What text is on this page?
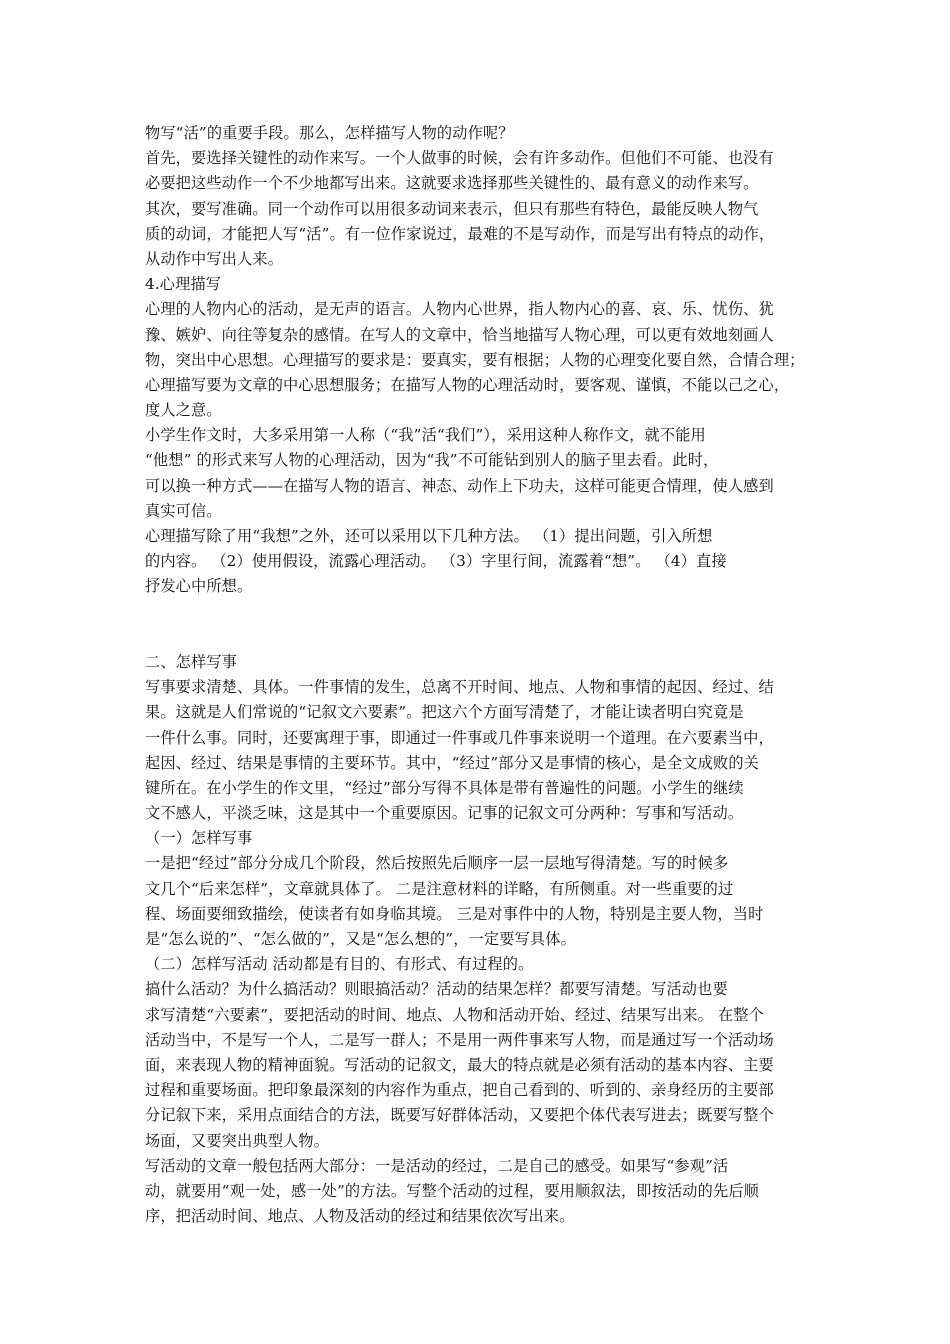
物写“活”的重要手段。那么，怎样描写人物的动作呢？
首先，要选择关键性的动作来写。一个人做事的时候，会有许多动作。但他们不可能、也没有
必要把这些动作一个不少地都写出来。这就要求选择那些关键性的、最有意义的动作来写。
其次，要写准确。同一个动作可以用很多动词来表示，但只有那些有特色，最能反映人物气
质的动词，才能把人写“活”。有一位作家说过，最难的不是写动作，而是写出有特点的动作，
从动作中写出人来。
4.心理描写
心理的人物内心的活动，是无声的语言。人物内心世界，指人物内心的喜、哀、乐、忧伤、犹
豫、嫉妒、向往等复杂的感情。在写人的文章中，恰当地描写人物心理，可以更有效地刻画人
物，突出中心思想。心理描写的要求是：要真实，要有根据；人物的心理变化要自然，合情合理；
心理描写要为文章的中心思想服务；在描写人物的心理活动时，要客观、谨慎，不能以己之心，
度人之意。
小学生作文时，大多采用第一人称（“我”活“我们”），采用这种人称作文，就不能用
“他想” 的形式来写人物的心理活动，因为“我”不可能钻到别人的脑子里去看。此时，
可以换一种方式——在描写人物的语言、神态、动作上下功夫，这样可能更合情理，使人感到
真实可信。
心理描写除了用“我想”之外，还可以采用以下几种方法。 （1）提出问题，引入所想
的内容。 （2）使用假设，流露心理活动。 （3）字里行间，流露着“想”。 （4）直接
抒发心中所想。
二、怎样写事
写事要求清楚、具体。一件事情的发生，总离不开时间、地点、人物和事情的起因、经过、结
果。这就是人们常说的“记叙文六要素”。把这六个方面写清楚了，才能让读者明白究竟是
一件什么事。同时，还要寓理于事，即通过一件事或几件事来说明一个道理。在六要素当中，
起因、经过、结果是事情的主要环节。其中，“经过”部分又是事情的核心，是全文成败的关
键所在。在小学生的作文里，“经过”部分写得不具体是带有普遍性的问题。小学生的继续
文不感人，平淡乏味，这是其中一个重要原因。记事的记叙文可分两种：写事和写活动。
（一）怎样写事
一是把“经过”部分分成几个阶段，然后按照先后顺序一层一层地写得清楚。写的时候多
文几个“后来怎样”，文章就具体了。 二是注意材料的详略，有所侧重。对一些重要的过
程、场面要细致描绘，使读者有如身临其境。 三是对事件中的人物，特别是主要人物，当时
是“怎么说的”、“怎么做的”，又是“怎么想的”，一定要写具体。
（二）怎样写活动 活动都是有目的、有形式、有过程的。
搞什么活动？为什么搞活动？则眼搞活动？活动的结果怎样？都要写清楚。写活动也要
求写清楚“六要素”，要把活动的时间、地点、人物和活动开始、经过、结果写出来。 在整个
活动当中，不是写一个人，二是写一群人；不是用一两件事来写人物，而是通过写一个活动场
面，来表现人物的精神面貌。写活动的记叙文，最大的特点就是必须有活动的基本内容、主要
过程和重要场面。把印象最深刻的内容作为重点，把自己看到的、听到的、亲身经历的主要部
分记叙下来，采用点面结合的方法，既要写好群体活动，又要把个体代表写进去；既要写整个
场面，又要突出典型人物。
写活动的文章一般包括两大部分：一是活动的经过，二是自己的感受。如果写“参观”活
动，就要用“观一处，感一处”的方法。写整个活动的过程，要用顺叙法，即按活动的先后顺
序，把活动时间、地点、人物及活动的经过和结果依次写出来。
